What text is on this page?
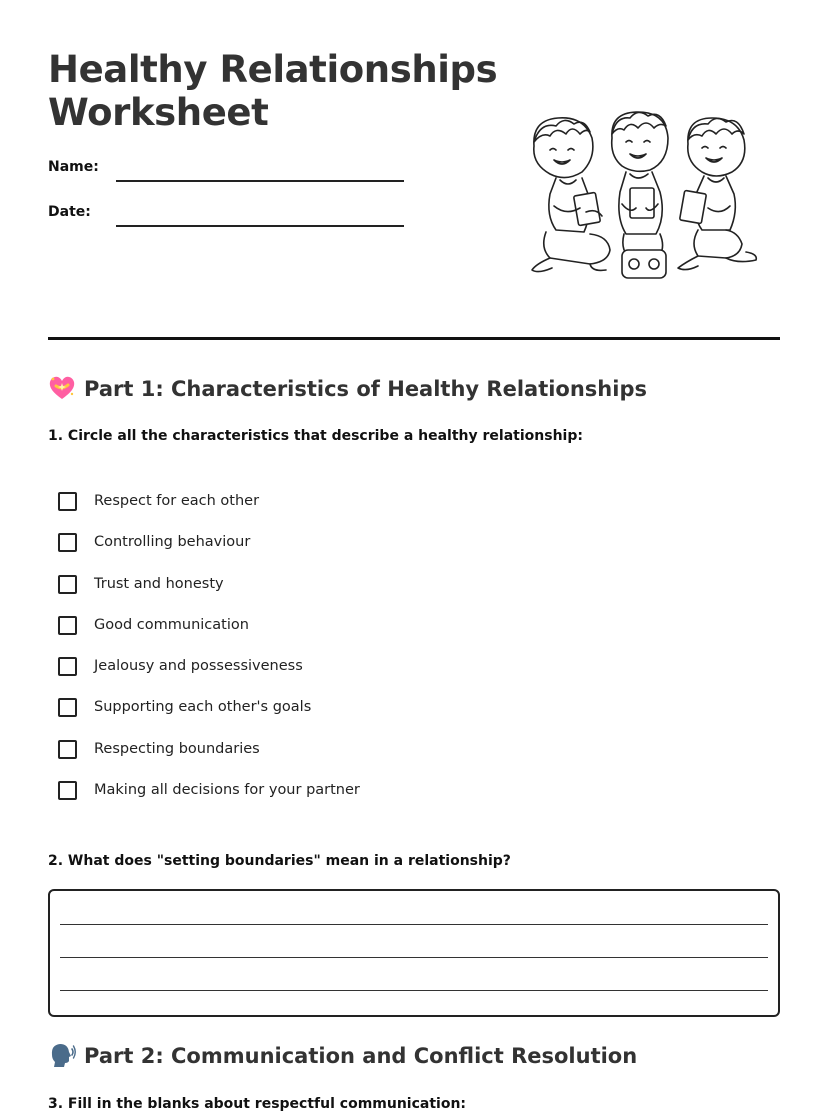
Healthy Relationships Worksheet
Name:
Date:
Part 1: Characteristics of Healthy Relationships
1. Circle all the characteristics that describe a healthy relationship:
Respect for each other
Controlling behaviour
Trust and honesty
Good communication
Jealousy and possessiveness
Supporting each other's goals
Respecting boundaries
Making all decisions for your partner
2. What does "setting boundaries" mean in a relationship?
Part 2: Communication and Conflict Resolution
3. Fill in the blanks about respectful communication:
